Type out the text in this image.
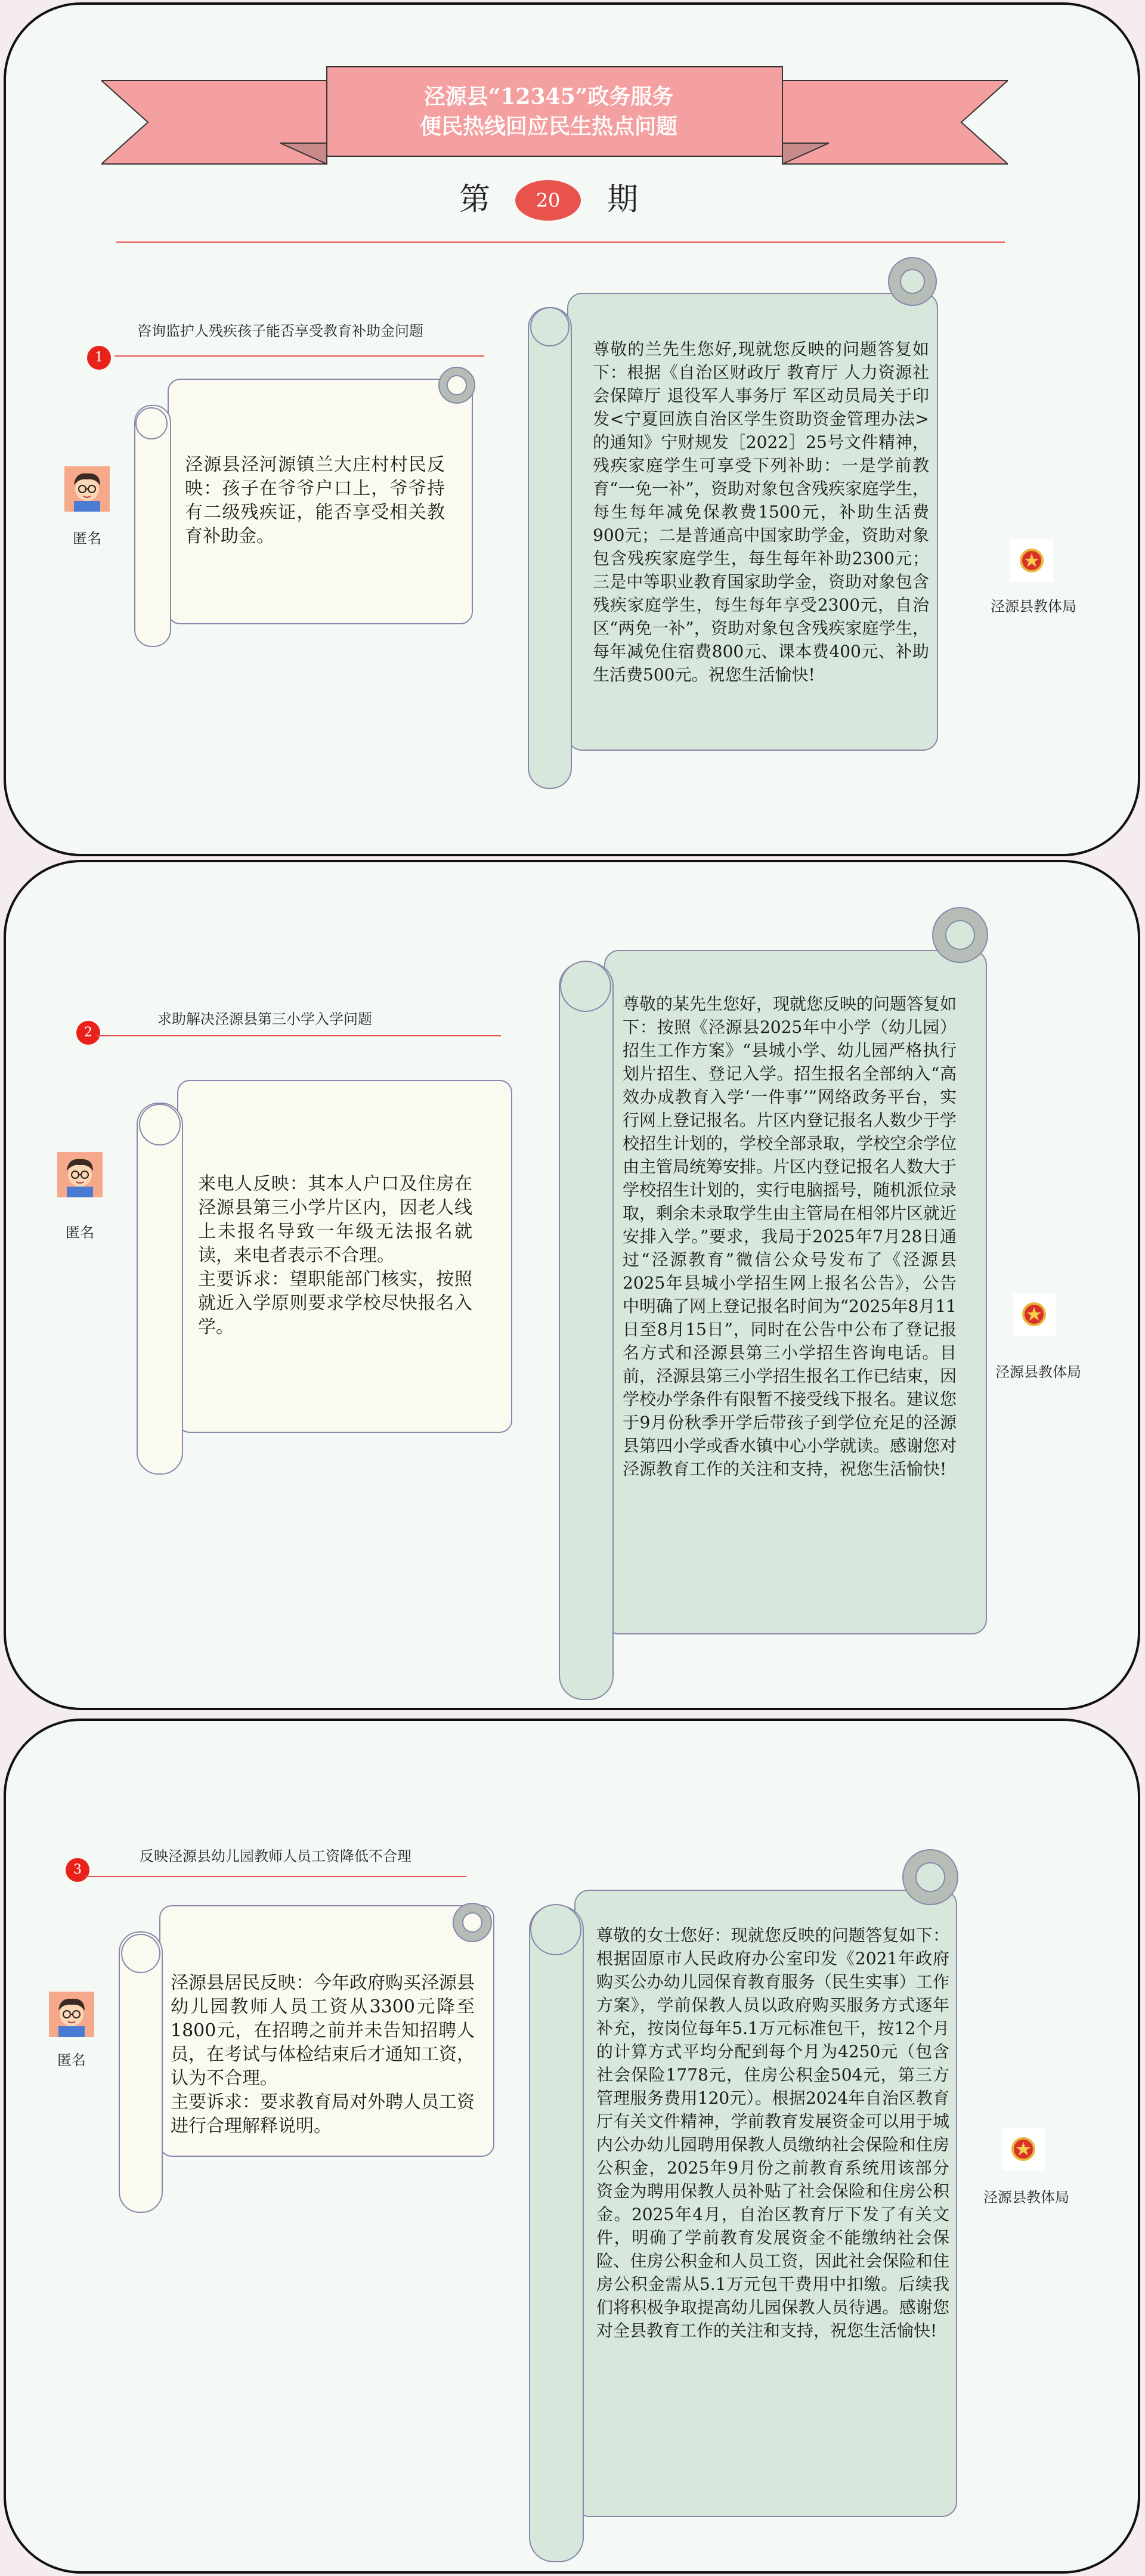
泾源县“12345”政务服务
便民热线回应民生热点问题
第	20	期
1
咨询监护人残疾孩子能否享受教育补助金问题
泾源县泾河源镇兰大庄村村民反映：孩子在爷爷户口上，爷爷持有二级残疾证，能否享受相关教育补助金。
匿名
尊敬的兰先生您好,现就您反映的问题答复如下：根据《自治区财政厅 教育厅 人力资源社会保障厅 退役军人事务厅 军区动员局关于印发<宁夏回族自治区学生资助资金管理办法>的通知》宁财规发［2022］25号文件精神，残疾家庭学生可享受下列补助：一是学前教育“一免一补”，资助对象包含残疾家庭学生，每生每年减免保教费1500元，补助生活费900元；二是普通高中国家助学金，资助对象包含残疾家庭学生，每生每年补助2300元；三是中等职业教育国家助学金，资助对象包含残疾家庭学生，每生每年享受2300元，自治区“两免一补”，资助对象包含残疾家庭学生，每年减免住宿费800元、课本费400元、补助生活费500元。祝您生活愉快!
泾源县教体局
2
求助解决泾源县第三小学入学问题
来电人反映：其本人户口及住房在泾源县第三小学片区内，因老人线上未报名导致一年级无法报名就读，来电者表示不合理。
主要诉求：望职能部门核实，按照就近入学原则要求学校尽快报名入学。
匿名
尊敬的某先生您好，现就您反映的问题答复如下：按照《泾源县2025年中小学（幼儿园）招生工作方案》“县城小学、幼儿园严格执行划片招生、登记入学。招生报名全部纳入“高效办成教育入学‘一件事’”网络政务平台，实行网上登记报名。片区内登记报名人数少于学校招生计划的，学校全部录取，学校空余学位由主管局统筹安排。片区内登记报名人数大于学校招生计划的，实行电脑摇号，随机派位录取，剩余未录取学生由主管局在相邻片区就近安排入学。”要求，我局于2025年7月28日通过“泾源教育”微信公众号发布了《泾源县2025年县城小学招生网上报名公告》，公告中明确了网上登记报名时间为“2025年8月11日至8月15日”，同时在公告中公布了登记报名方式和泾源县第三小学招生咨询电话。目前，泾源县第三小学招生报名工作已结束，因学校办学条件有限暂不接受线下报名。建议您于9月份秋季开学后带孩子到学位充足的泾源县第四小学或香水镇中心小学就读。感谢您对泾源教育工作的关注和支持，祝您生活愉快!
泾源县教体局
3
反映泾源县幼儿园教师人员工资降低不合理
泾源县居民反映：今年政府购买泾源县幼儿园教师人员工资从3300元降至1800元，在招聘之前并未告知招聘人员，在考试与体检结束后才通知工资，认为不合理。
主要诉求：要求教育局对外聘人员工资进行合理解释说明。
匿名
尊敬的女士您好：现就您反映的问题答复如下：根据固原市人民政府办公室印发《2021年政府购买公办幼儿园保育教育服务（民生实事）工作方案》，学前保教人员以政府购买服务方式逐年补充，按岗位每年5.1万元标准包干，按12个月的计算方式平均分配到每个月为4250元（包含社会保险1778元，住房公积金504元，第三方管理服务费用120元）。根据2024年自治区教育厅有关文件精神，学前教育发展资金可以用于城内公办幼儿园聘用保教人员缴纳社会保险和住房公积金，2025年9月份之前教育系统用该部分资金为聘用保教人员补贴了社会保险和住房公积金。2025年4月，自治区教育厅下发了有关文件，明确了学前教育发展资金不能缴纳社会保险、住房公积金和人员工资，因此社会保险和住房公积金需从5.1万元包干费用中扣缴。后续我们将积极争取提高幼儿园保教人员待遇。感谢您对全县教育工作的关注和支持，祝您生活愉快!
泾源县教体局
